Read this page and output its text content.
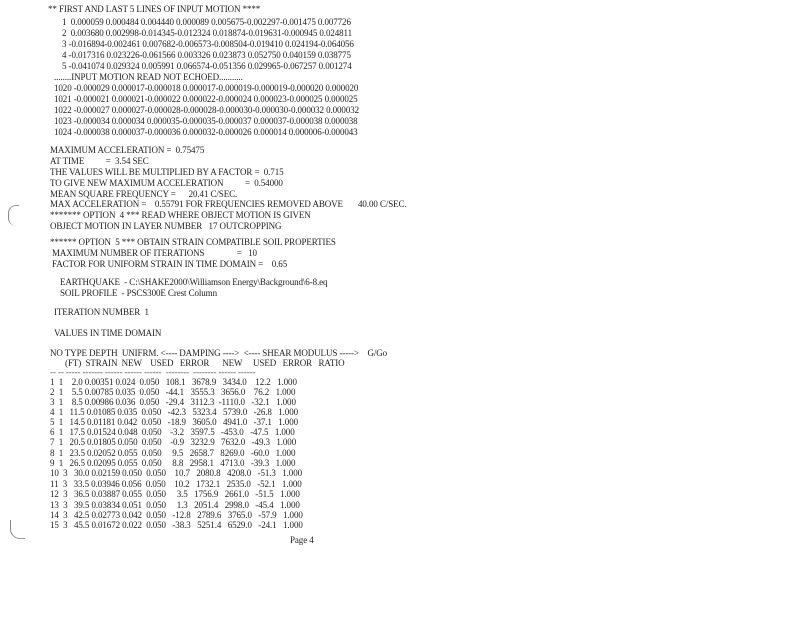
** FIRST AND LAST 5 LINES OF INPUT MOTION ****
1  0.000059 0.000484 0.004440 0.000089 0.005675-0.002297-0.001475 0.007726
2  0.003680 0.002998-0.014345-0.012324 0.018874-0.019631-0.000945 0.024811
3 -0.016894-0.002461 0.007682-0.006573-0.008504-0.019410 0.024194-0.064056
4 -0.017316 0.023226-0.061566 0.003326 0.023873 0.052750 0.040159 0.038775
5 -0.041074 0.029324 0.005991 0.066574-0.051356 0.029965-0.067257 0.001274
........INPUT MOTION READ NOT ECHOED...........
1020 -0.000029 0.000017-0.000018 0.000017-0.000019-0.000019-0.000020 0.000020
1021 -0.000021 0.000021-0.000022 0.000022-0.000024 0.000023-0.000025 0.000025
1022 -0.000027 0.000027-0.000028-0.000028-0.000030-0.000030-0.000032 0.000032
1023 -0.000034 0.000034 0.000035-0.000035-0.000037 0.000037-0.000038 0.000038
1024 -0.000038 0.000037-0.000036 0.000032-0.000026 0.000014 0.000006-0.000043
MAXIMUM ACCELERATION =  0.75475
AT TIME          =  3.54 SEC
THE VALUES WILL BE MULTIPLIED BY A FACTOR =  0.715
TO GIVE NEW MAXIMUM ACCELERATION          =  0.54000
MEAN SQUARE FREQUENCY =      20.41 C/SEC.
MAX ACCELERATION =    0.55791 FOR FREQUENCIES REMOVED ABOVE       40.00 C/SEC.
******* OPTION  4 *** READ WHERE OBJECT MOTION IS GIVEN
OBJECT MOTION IN LAYER NUMBER   17 OUTCROPPING
****** OPTION  5 *** OBTAIN STRAIN COMPATIBLE SOIL PROPERTIES
MAXIMUM NUMBER OF ITERATIONS               =   10
FACTOR FOR UNIFORM STRAIN IN TIME DOMAIN =    0.65
EARTHQUAKE  - C:\SHAKE2000\Williamson Energy\Background\6-8.eq
SOIL PROFILE  - PSCS300E Crest Column
ITERATION NUMBER  1
VALUES IN TIME DOMAIN
NO TYPE DEPTH  UNIFRM. <---- DAMPING ---->  <---- SHEAR MODULUS ----->    G/Go
(FT)  STRAIN  NEW    USED   ERROR      NEW     USED   ERROR   RATIO
-- -- ----- ------- ------ ------ ------  --------  -------- ------ ------
1  1    2.0 0.00351 0.024  0.050   108.1   3678.9   3434.0    12.2   1.000
2  1    5.5 0.00785 0.035  0.050   -44.1   3555.3   3656.0    76.2   1.000
3  1    8.5 0.00986 0.036  0.050   -29.4   3112.3  -1110.0   -32.1   1.000
4  1   11.5 0.01085 0.035  0.050   -42.3   5323.4   5739.0   -26.8   1.000
5  1   14.5 0.01181 0.042  0.050   -18.9   3605.0   4941.0   -37.1   1.000
6  1   17.5 0.01524 0.048  0.050    -3.2   3597.5   -453.0   -47.5   1.000
7  1   20.5 0.01805 0.050  0.050    -0.9   3232.9   7632.0   -49.3   1.000
8  1   23.5 0.02052 0.055  0.050     9.5   2658.7   8269.0   -60.0   1.000
9  1   26.5 0.02095 0.055  0.050     8.8   2958.1   4713.0   -39.3   1.000
10  3   30.0 0.02159 0.050  0.050    10.7   2080.8   4208.0   -51.3   1.000
11  3   33.5 0.03946 0.056  0.050    10.2   1732.1   2535.0   -52.1   1.000
12  3   36.5 0.03887 0.055  0.050     3.5   1756.9   2661.0   -51.5   1.000
13  3   39.5 0.03834 0.051  0.050     1.3   2051.4   2998.0   -45.4   1.000
14  3   42.5 0.02773 0.042  0.050   -12.8   2789.6   3765.0   -57.9   1.000
15  3   45.5 0.01672 0.022  0.050   -38.3   5251.4   6529.0   -24.1   1.000
Page 4
